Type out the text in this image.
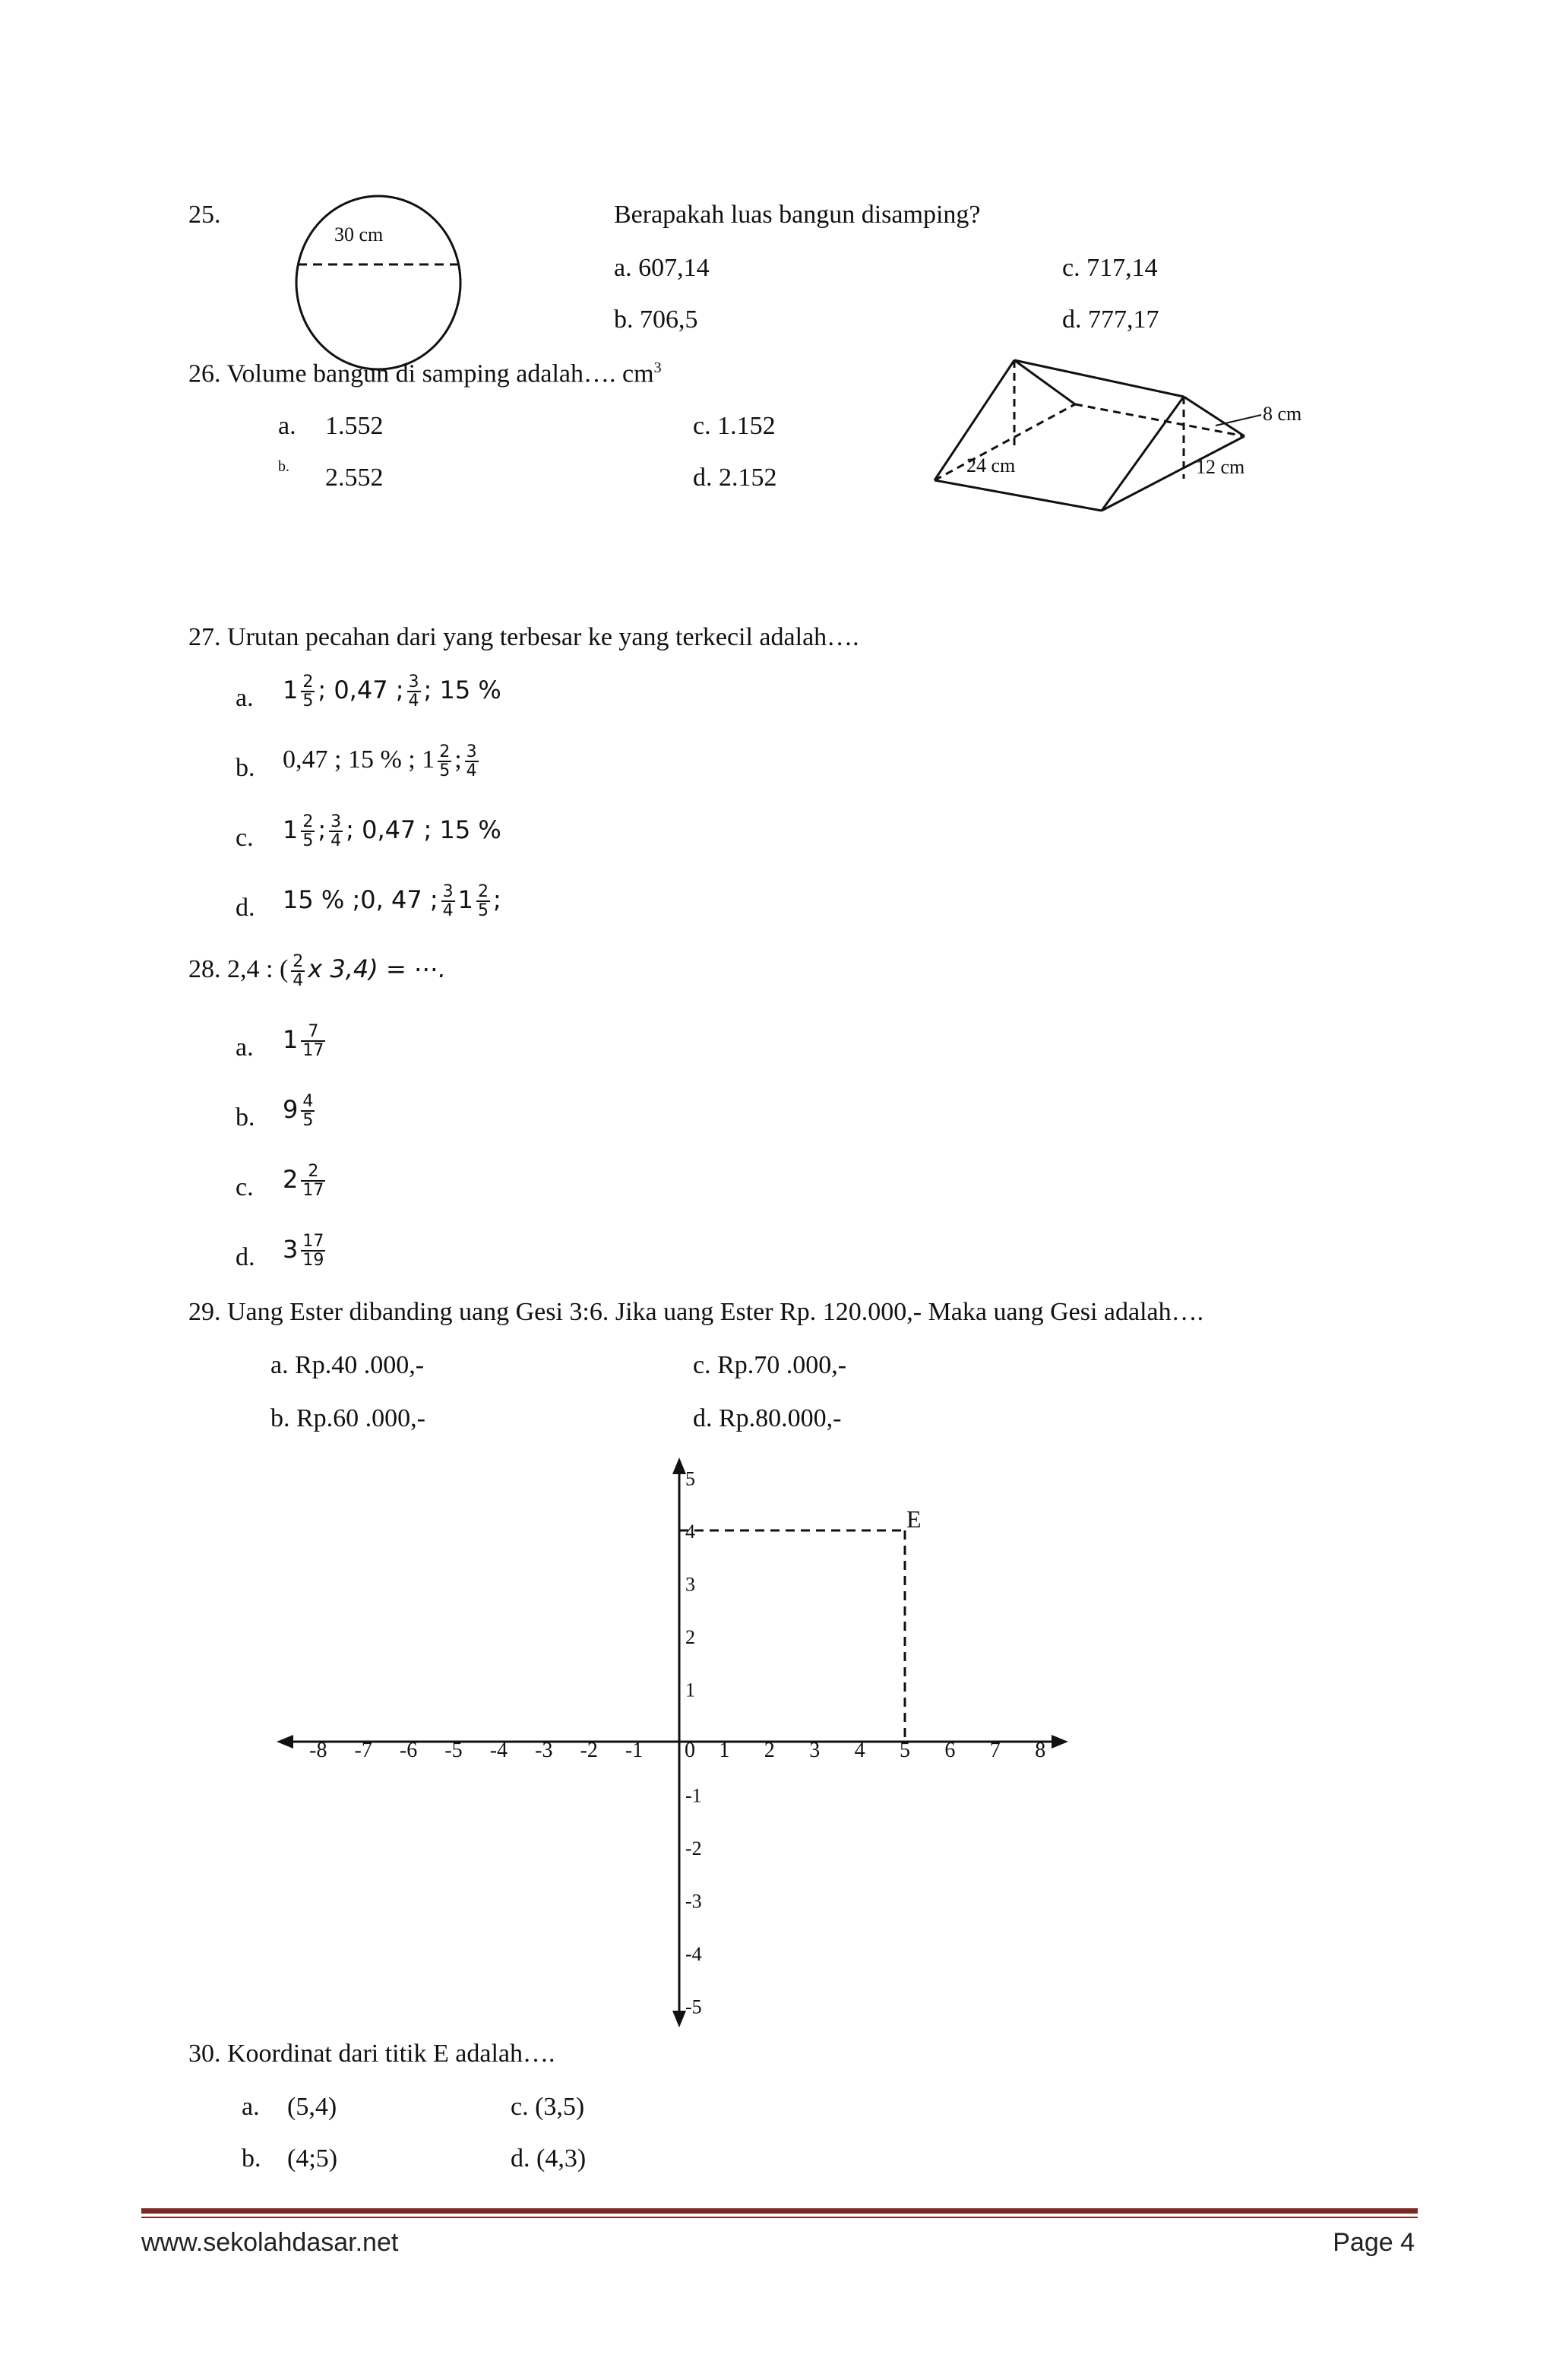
25.
30 cm
Berapakah luas bangun disamping?
a. 607,14	c. 717,14
b. 706,5	d. 777,17
26. Volume bangun di samping adalah…. $cm^3$
a. 1.552
b. 2.552
c. 1.152
d. 2.152
8 cm
24 cm	12 cm
27. Urutan pecahan dari yang terbesar ke yang terkecil adalah….
a. $1 \frac{2}{5}$ ; 0,47 ; $\frac{3}{4}$ ; 15 %
b. 0,47 ; 15 % ; $1 \frac{2}{5}$ ; $\frac{3}{4}$
c. $1 \frac{2}{5}$ ; $\frac{3}{4}$ ; 0,47 ; 15 %
d. 15 % ;0, 47 ; $\frac{3}{4} 1 \frac{2}{5}$ ;
28. 2,4 : ( $\frac{2}{4}$ x 3,4) = ⋯.
a. $1 \frac{7}{17}$
b. $9 \frac{4}{5}$
c. $2 \frac{2}{17}$
d. $3 \frac{17}{19}$
29. Uang Ester dibanding uang Gesi 3:6. Jika uang Ester Rp. 120.000,- Maka uang Gesi adalah….
a. Rp.40 .000,-	c. Rp.70 .000,-
b. Rp.60 .000,-	d. Rp.80.000,-
-8 -7 -6 -5 -4 -3 -2 -1 0 1 2 3 4 5 6 7 8
5
4
3
2
1
-1
-2
-3
-4
-5
E
30. Koordinat dari titik E adalah….
a. (5,4)	c. (3,5)
b. (4;5)	d. (4,3)
www.sekolahdasar.net	Page 4
